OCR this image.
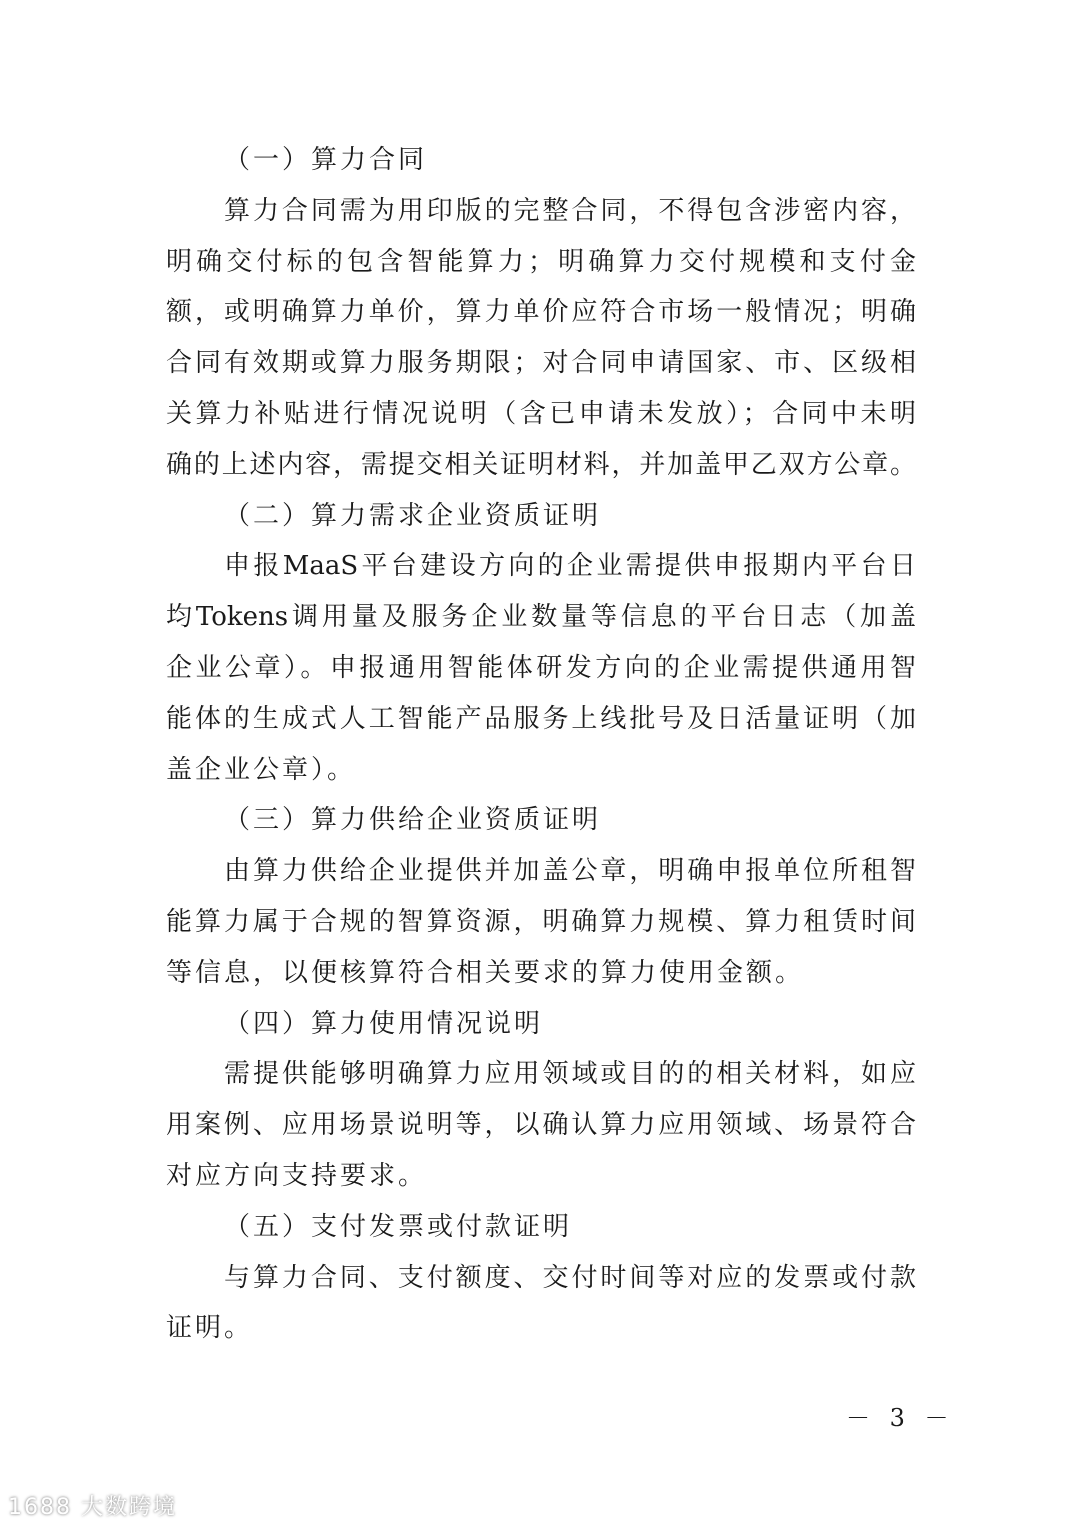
（一）算力合同
算力合同需为用印版的完整合同，不得包含涉密内容，
明确交付标的包含智能算力；明确算力交付规模和支付金
额，或明确算力单价，算力单价应符合市场一般情况；明确
合同有效期或算力服务期限；对合同申请国家、市、区级相
关算力补贴进行情况说明（含已申请未发放）；合同中未明
确的上述内容，需提交相关证明材料，并加盖甲乙双方公章。
（二）算力需求企业资质证明
申报MaaS平台建设方向的企业需提供申报期内平台日
均Tokens调用量及服务企业数量等信息的平台日志（加盖
企业公章）。申报通用智能体研发方向的企业需提供通用智
能体的生成式人工智能产品服务上线批号及日活量证明（加
盖企业公章）。
（三）算力供给企业资质证明
由算力供给企业提供并加盖公章，明确申报单位所租智
能算力属于合规的智算资源，明确算力规模、算力租赁时间
等信息，以便核算符合相关要求的算力使用金额。
（四）算力使用情况说明
需提供能够明确算力应用领域或目的的相关材料，如应
用案例、应用场景说明等，以确认算力应用领域、场景符合
对应方向支持要求。
（五）支付发票或付款证明
与算力合同、支付额度、交付时间等对应的发票或付款
证明。
－ 3 －
1688 大数跨境
